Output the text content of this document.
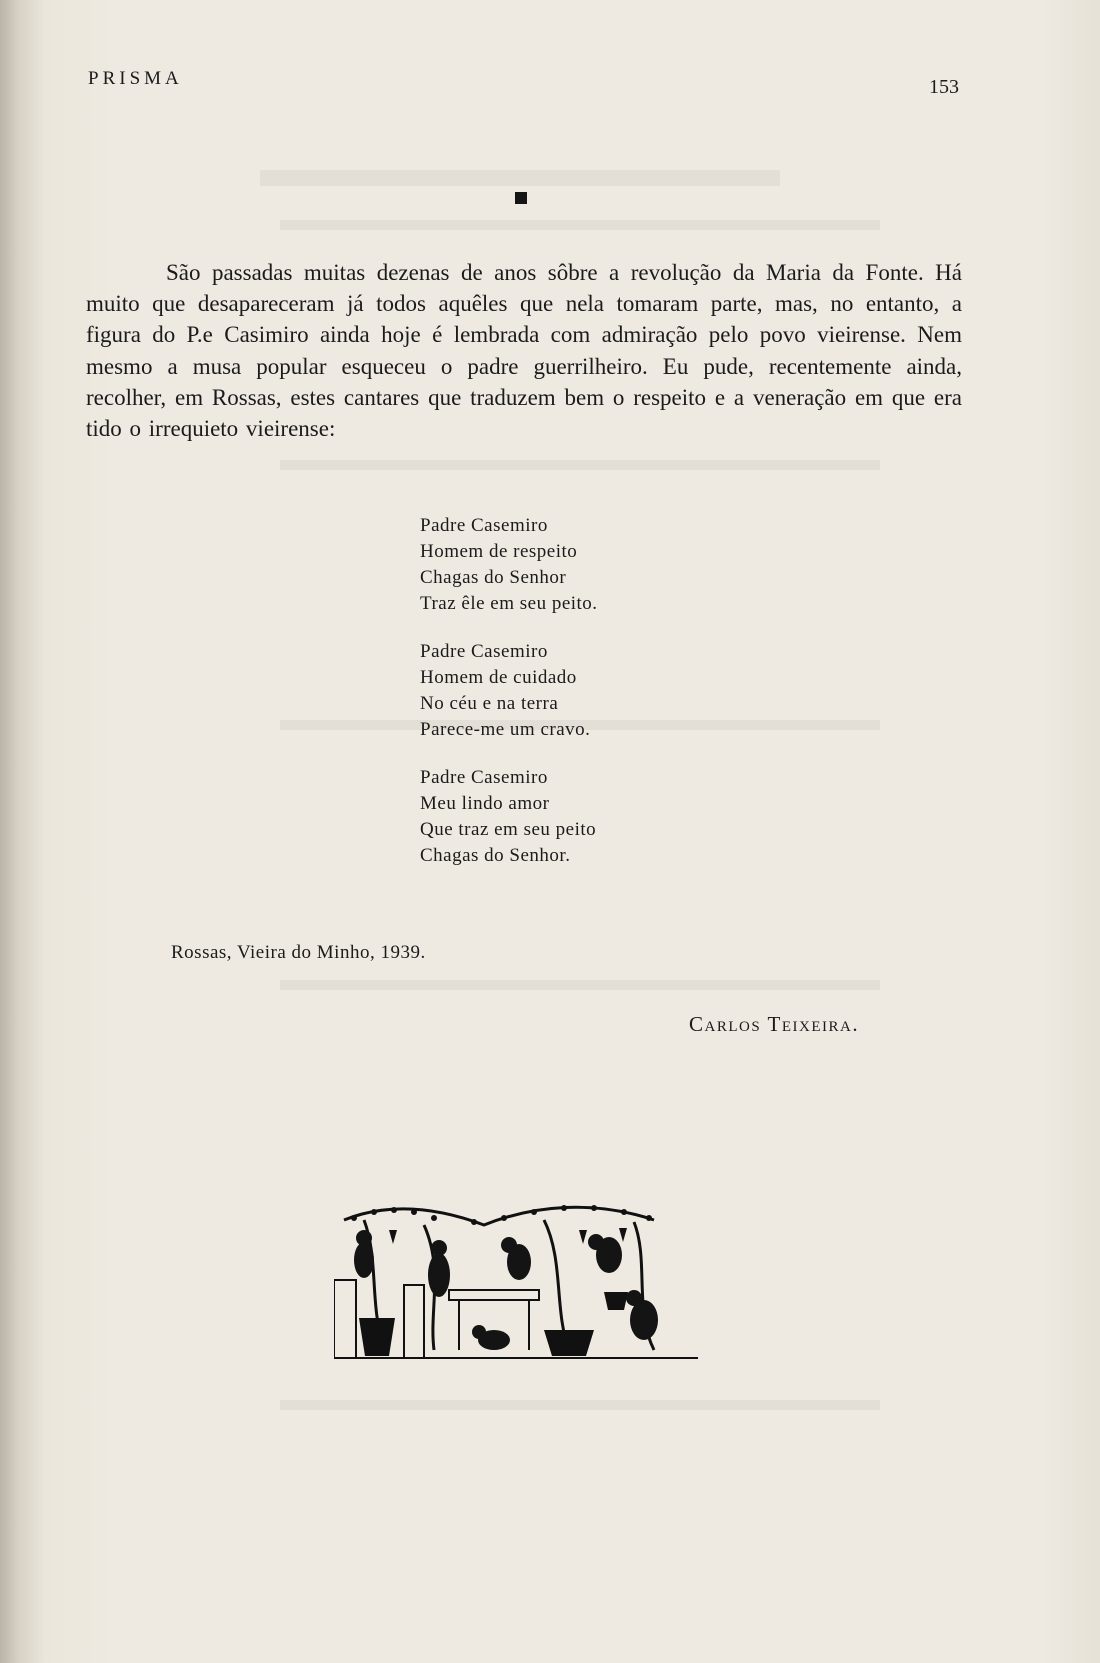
PRISMA	153

São passadas muitas dezenas de anos sôbre a revolução da Maria da Fonte. Há muito que desapareceram já todos aquêles que nela tomaram parte, mas, no entanto, a figura do P.e Casimiro ainda hoje é lembrada com admiração pelo povo vieirense. Nem mesmo a musa popular esqueceu o padre guerrilheiro. Eu pude, recentemente ainda, recolher, em Rossas, estes cantares que traduzem bem o respeito e a veneração em que era tido o irrequieto vieirense:

Padre Casemiro
Homem de respeito
Chagas do Senhor
Traz êle em seu peito.
Padre Casemiro
Homem de cuidado
No céu e na terra
Parece-me um cravo.
Padre Casemiro
Meu lindo amor
Que traz em seu peito
Chagas do Senhor.
Rossas, Vieira do Minho, 1939.
Carlos Teixeira.
